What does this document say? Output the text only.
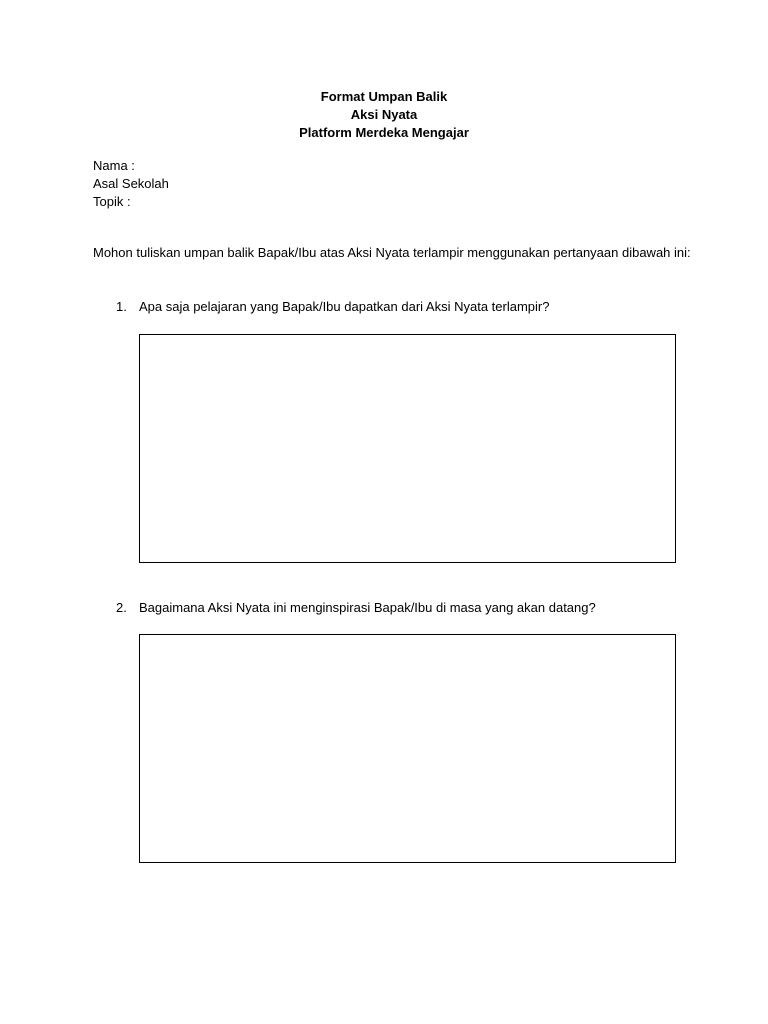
Format Umpan Balik
Aksi Nyata
Platform Merdeka Mengajar
Nama :
Asal Sekolah
Topik :
Mohon tuliskan umpan balik Bapak/Ibu atas Aksi Nyata terlampir menggunakan pertanyaan dibawah ini:
1. Apa saja pelajaran yang Bapak/Ibu dapatkan dari Aksi Nyata terlampir?
2. Bagaimana Aksi Nyata ini menginspirasi Bapak/Ibu di masa yang akan datang?
